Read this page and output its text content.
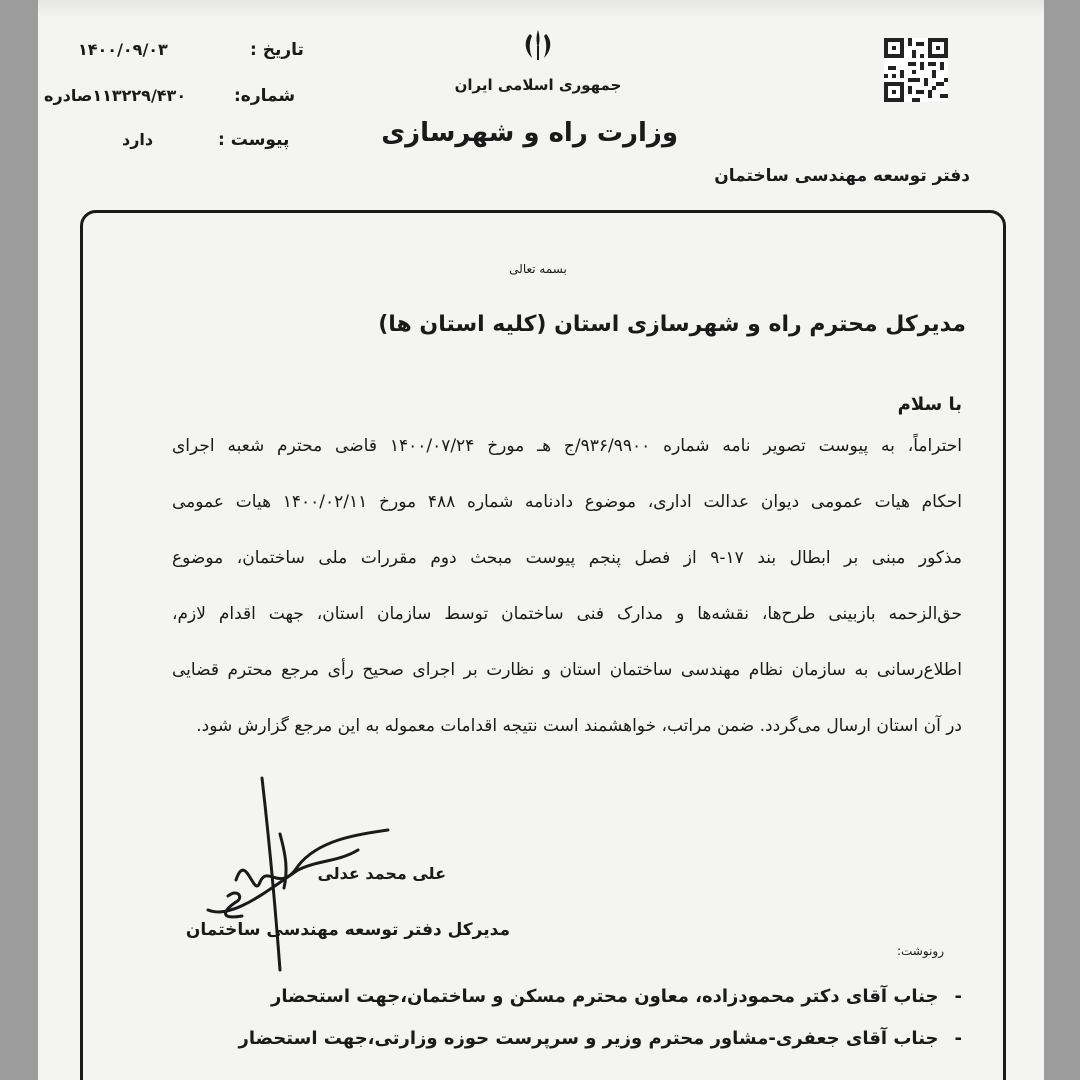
تاریخ :
۱۴۰۰/۰۹/۰۳
شماره:
۱۱۳۲۲۹/۴۳۰صادره
پیوست :
دارد
جمهوری اسلامی ایران
وزارت راه و شهرسازی
دفتر توسعه مهندسی ساختمان
بسمه تعالی
مدیرکل محترم راه و شهرسازی استان (کلیه استان ها)
با سلام
احتراماً، به پیوست تصویر نامه شماره ۹۳۶/۹۹۰۰/ج هـ مورخ ۱۴۰۰/۰۷/۲۴ قاضی محترم شعبه اجرای
احکام هیات عمومی دیوان عدالت اداری، موضوع دادنامه شماره ۴۸۸ مورخ ۱۴۰۰/۰۲/۱۱ هیات عمومی
مذکور مبنی بر ابطال بند ۱۷-۹ از فصل پنجم پیوست مبحث دوم مقررات ملی ساختمان، موضوع
حق‌الزحمه بازبینی طرح‌ها، نقشه‌ها و مدارک فنی ساختمان توسط سازمان استان، جهت اقدام لازم،
اطلاع‌رسانی به سازمان نظام مهندسی ساختمان استان و نظارت بر اجرای صحیح رأی مرجع محترم قضایی
در آن استان ارسال می‌گردد. ضمن مراتب، خواهشمند است نتیجه اقدامات معموله به این مرجع گزارش شود.
علی محمد عدلی
مدیرکل دفتر توسعه مهندسی ساختمان
رونوشت:
-جناب آقای دکتر محمودزاده، معاون محترم مسکن و ساختمان،جهت استحضار
-جناب آقای جعفری-مشاور محترم وزیر و سرپرست حوزه وزارتی،جهت استحضار
